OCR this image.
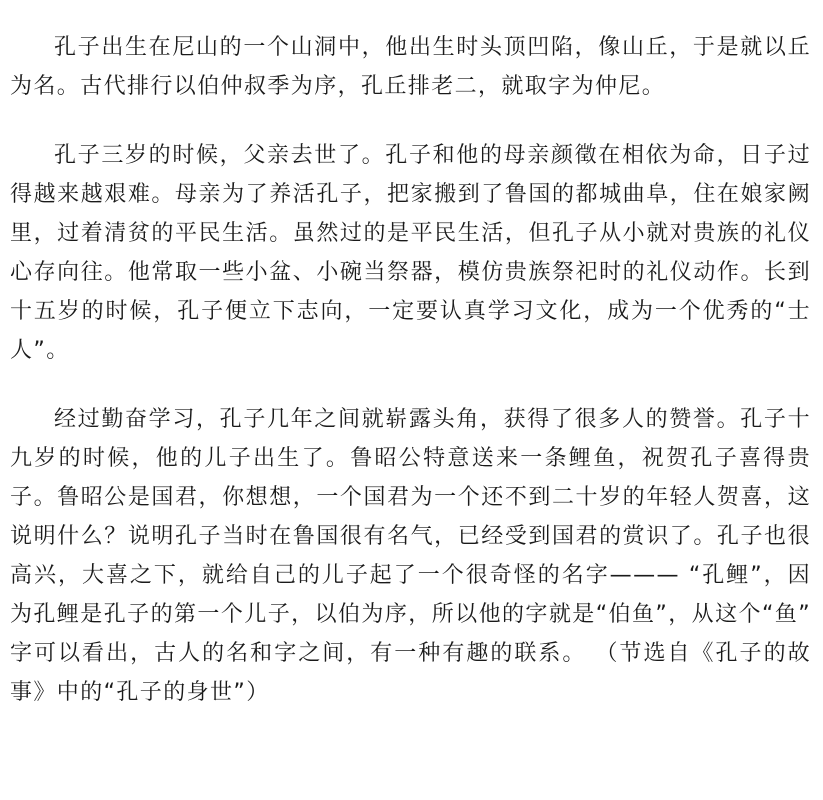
孔子出生在尼山的一个山洞中，他出生时头顶凹陷，像山丘，于是就以丘为名。古代排行以伯仲叔季为序，孔丘排老二，就取字为仲尼。

孔子三岁的时候，父亲去世了。孔子和他的母亲颜徵在相依为命，日子过得越来越艰难。母亲为了养活孔子，把家搬到了鲁国的都城曲阜，住在娘家阙里，过着清贫的平民生活。虽然过的是平民生活，但孔子从小就对贵族的礼仪心存向往。他常取一些小盆、小碗当祭器，模仿贵族祭祀时的礼仪动作。长到十五岁的时候，孔子便立下志向，一定要认真学习文化，成为一个优秀的“士人”。

经过勤奋学习，孔子几年之间就崭露头角，获得了很多人的赞誉。孔子十九岁的时候，他的儿子出生了。鲁昭公特意送来一条鲤鱼，祝贺孔子喜得贵子。鲁昭公是国君，你想想，一个国君为一个还不到二十岁的年轻人贺喜，这说明什么？说明孔子当时在鲁国很有名气，已经受到国君的赏识了。孔子也很高兴，大喜之下，就给自己的儿子起了一个很奇怪的名字——— “孔鲤”，因为孔鲤是孔子的第一个儿子，以伯为序，所以他的字就是“伯鱼”，从这个“鱼” 字可以看出，古人的名和字之间，有一种有趣的联系。 （节选自《孔子的故事》中的“孔子的身世”）
